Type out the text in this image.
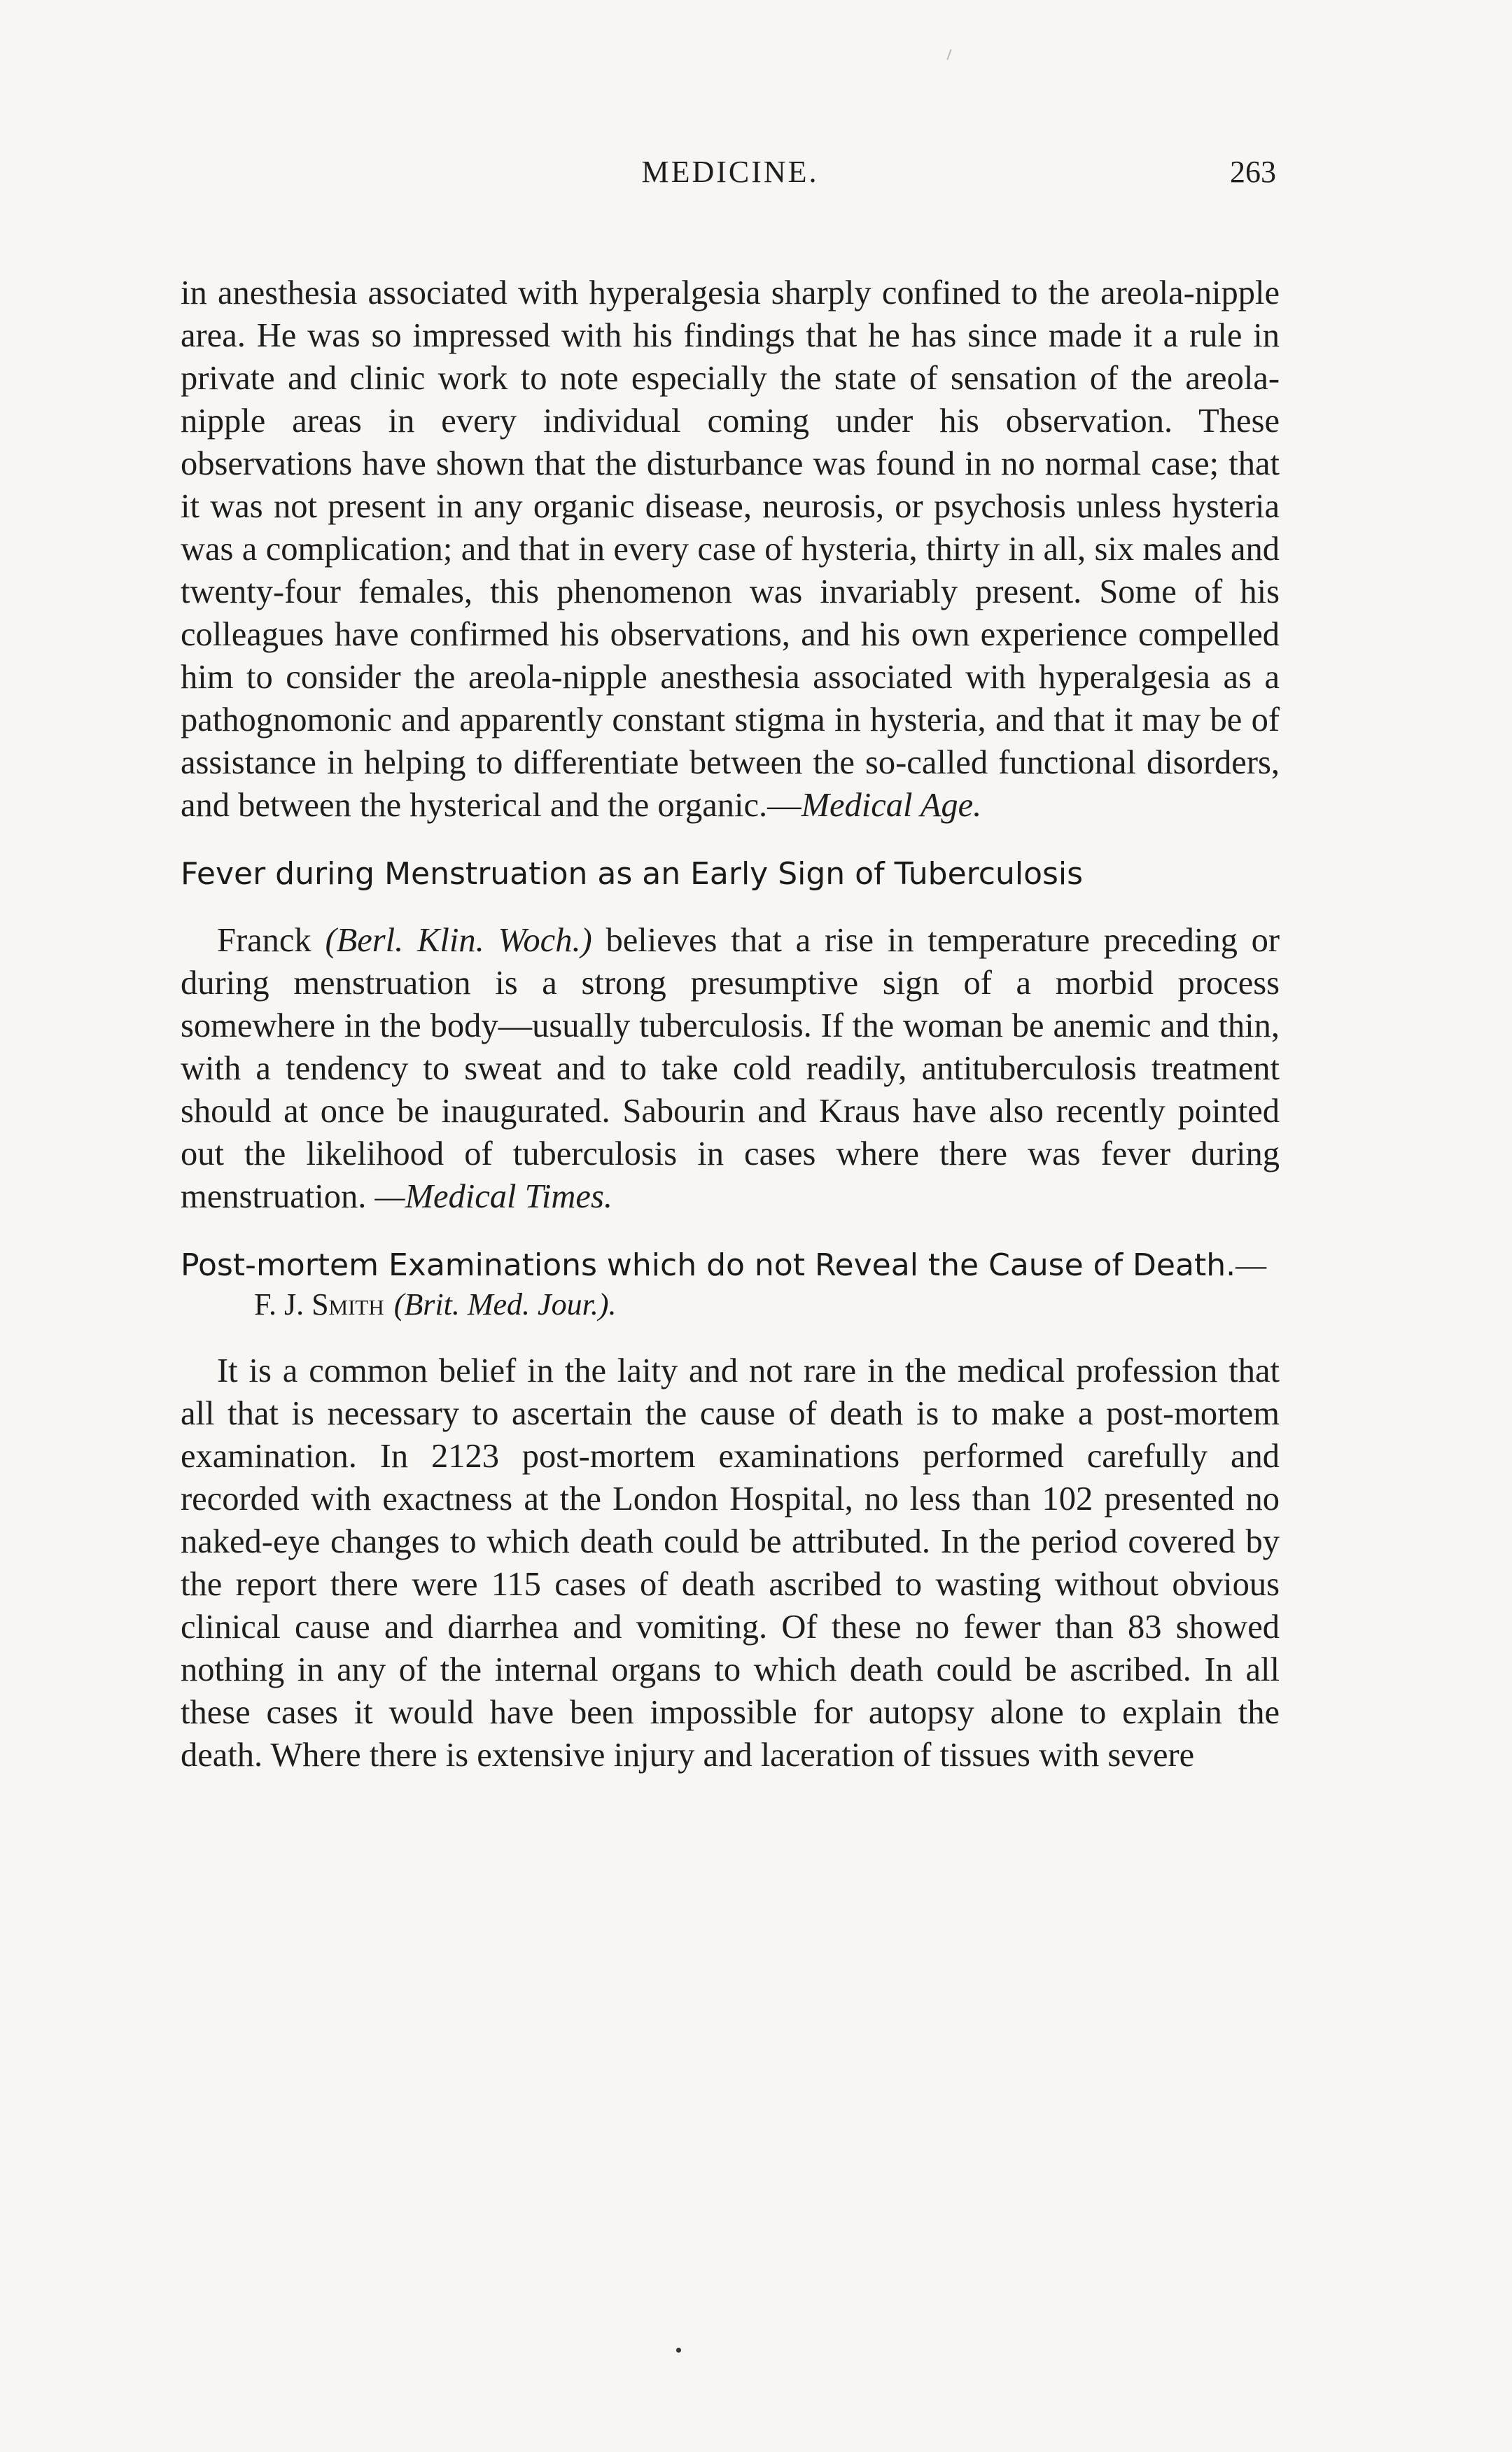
MEDICINE.	263

in anesthesia associated with hyperalgesia sharply confined to the areola-nipple area. He was so impressed with his findings that he has since made it a rule in private and clinic work to note especially the state of sensation of the areola-nipple areas in every individual coming under his observation. These observations have shown that the disturbance was found in no normal case; that it was not present in any organic disease, neurosis, or psychosis unless hysteria was a complication; and that in every case of hysteria, thirty in all, six males and twenty-four females, this phenomenon was invariably present. Some of his colleagues have confirmed his observations, and his own experience compelled him to consider the areola-nipple anesthesia associated with hyperalgesia as a pathognomonic and apparently constant stigma in hysteria, and that it may be of assistance in helping to differentiate between the so-called functional disorders, and between the hysterical and the organic.—Medical Age.

Fever during Menstruation as an Early Sign of Tuberculosis

Franck (Berl. Klin. Woch.) believes that a rise in temperature preceding or during menstruation is a strong presumptive sign of a morbid process somewhere in the body—usually tuberculosis. If the woman be anemic and thin, with a tendency to sweat and to take cold readily, antituberculosis treatment should at once be inaugurated. Sabourin and Kraus have also recently pointed out the likelihood of tuberculosis in cases where there was fever during menstruation. —Medical Times.

Post-mortem Examinations which do not Reveal the Cause of Death.—F. J. Smith (Brit. Med. Jour.).

It is a common belief in the laity and not rare in the medical profession that all that is necessary to ascertain the cause of death is to make a post-mortem examination. In 2123 post-mortem examinations performed carefully and recorded with exactness at the London Hospital, no less than 102 presented no naked-eye changes to which death could be attributed. In the period covered by the report there were 115 cases of death ascribed to wasting without obvious clinical cause and diarrhea and vomiting. Of these no fewer than 83 showed nothing in any of the internal organs to which death could be ascribed. In all these cases it would have been impossible for autopsy alone to explain the death. Where there is extensive injury and laceration of tissues with severe
